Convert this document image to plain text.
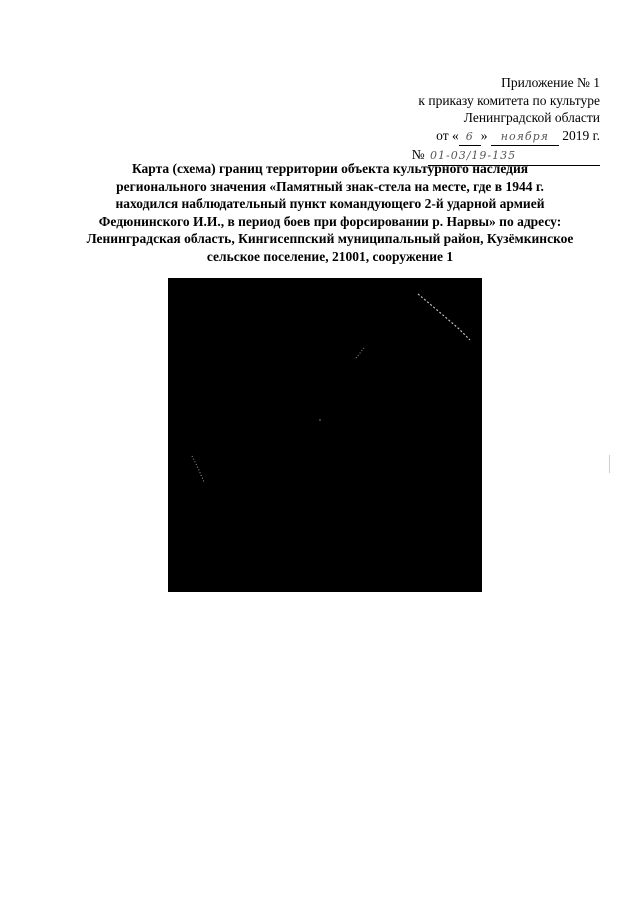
Приложение № 1
к приказу комитета по культуре
Ленинградской области
от « 6 » ноября 2019 г.
№ 01-03/19-135
Карта (схема) границ территории объекта культурного наследия
регионального значения «Памятный знак-стела на месте, где в 1944 г.
находился наблюдательный пункт командующего 2-й ударной армией
Федюнинского И.И., в период боев при форсировании р. Нарвы» по адресу:
Ленинградская область, Кингисеппский муниципальный район, Кузёмкинское
сельское поселение, 21001, сооружение 1
